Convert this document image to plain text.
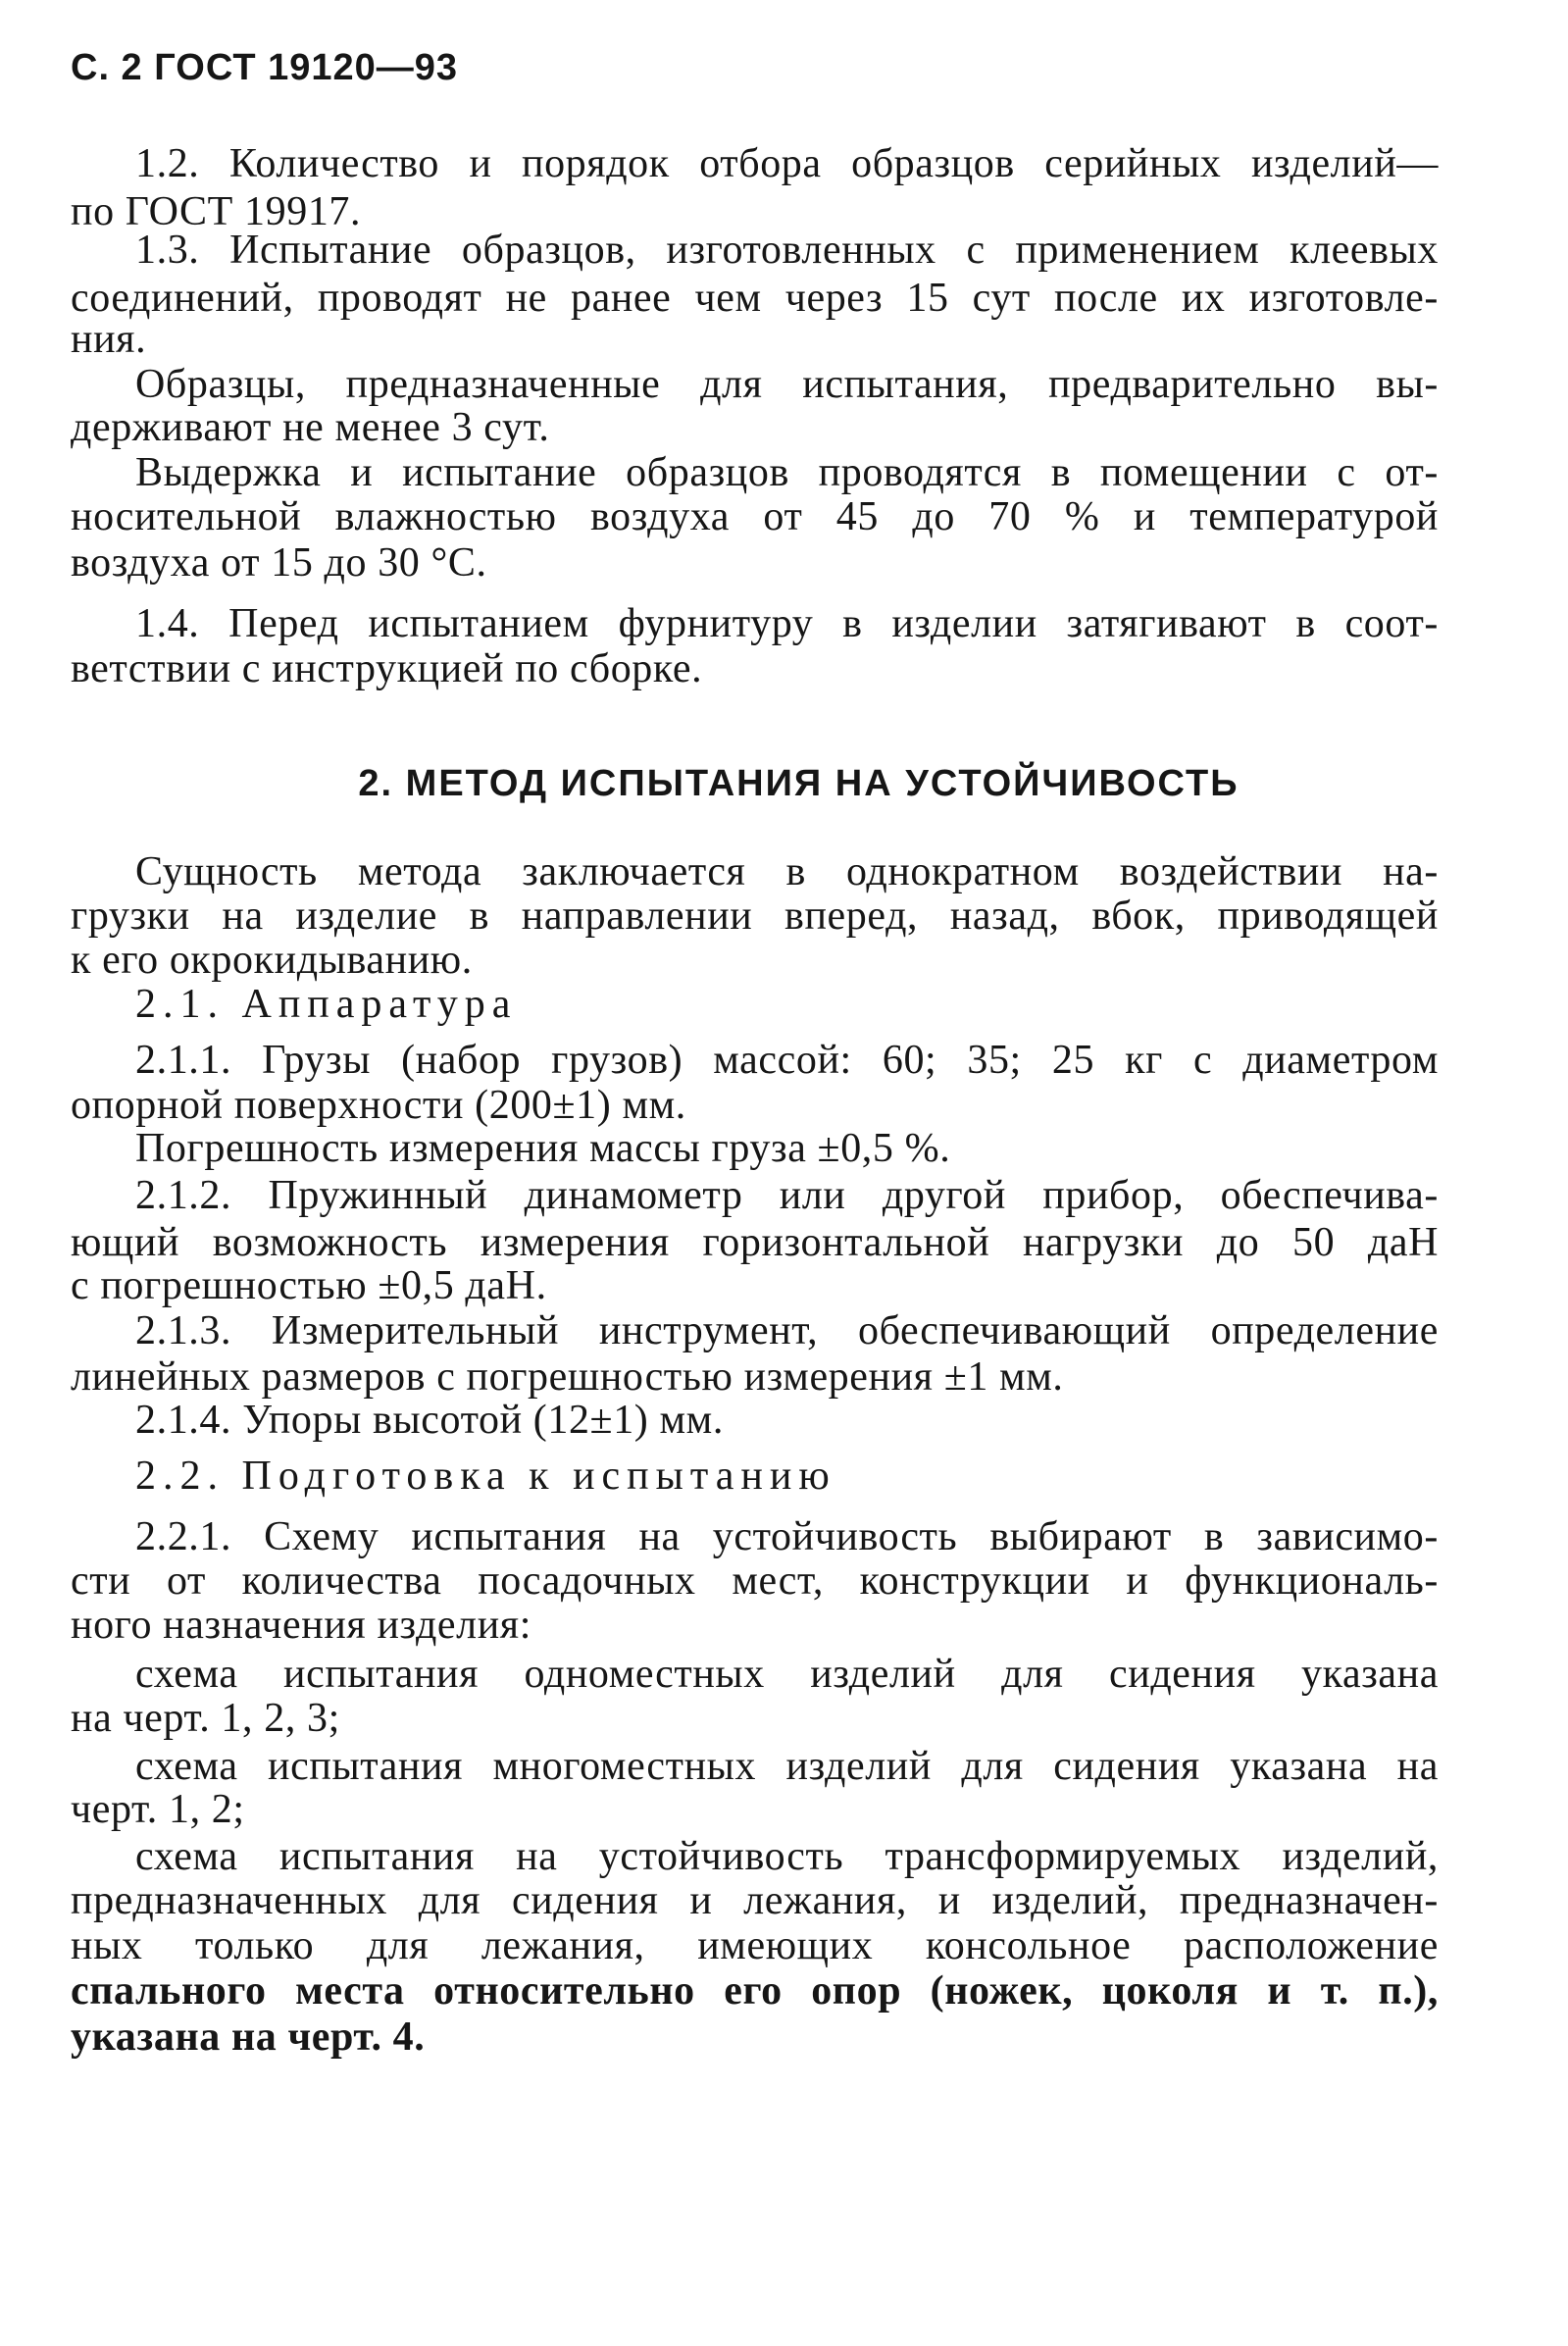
С. 2 ГОСТ 19120—93
1.2. Количество и порядок отбора образцов серийных изделий—
по ГОСТ 19917.
1.3. Испытание образцов, изготовленных с применением клеевых
соединений, проводят не ранее чем через 15 сут после их изготовле-
ния.
Образцы, предназначенные для испытания, предварительно вы-
держивают не менее 3 сут.
Выдержка и испытание образцов проводятся в помещении с от-
носительной влажностью воздуха от 45 до 70 % и температурой
воздуха от 15 до 30 °С.
1.4. Перед испытанием фурнитуру в изделии затягивают в соот-
ветствии с инструкцией по сборке.
2. МЕТОД ИСПЫТАНИЯ НА УСТОЙЧИВОСТЬ
Сущность метода заключается в однократном воздействии на-
грузки на изделие в направлении вперед, назад, вбок, приводящей
к его окрокидыванию.
2.1. Аппаратура
2.1.1. Грузы (набор грузов) массой: 60; 35; 25 кг с диаметром
опорной поверхности (200±1) мм.
Погрешность измерения массы груза ±0,5 %.
2.1.2. Пружинный динамометр или другой прибор, обеспечива-
ющий возможность измерения горизонтальной нагрузки до 50 даН
с погрешностью ±0,5 даН.
2.1.3. Измерительный инструмент, обеспечивающий определение
линейных размеров с погрешностью измерения ±1 мм.
2.1.4. Упоры высотой (12±1) мм.
2.2. Подготовка к испытанию
2.2.1. Схему испытания на устойчивость выбирают в зависимо-
сти от количества посадочных мест, конструкции и функциональ-
ного назначения изделия:
схема испытания одноместных изделий для сидения указана
на черт. 1, 2, 3;
схема испытания многоместных изделий для сидения указана на
черт. 1, 2;
схема испытания на устойчивость трансформируемых изделий,
предназначенных для сидения и лежания, и изделий, предназначен-
ных только для лежания, имеющих консольное расположение
спального места относительно его опор (ножек, цоколя и т. п.),
указана на черт. 4.
